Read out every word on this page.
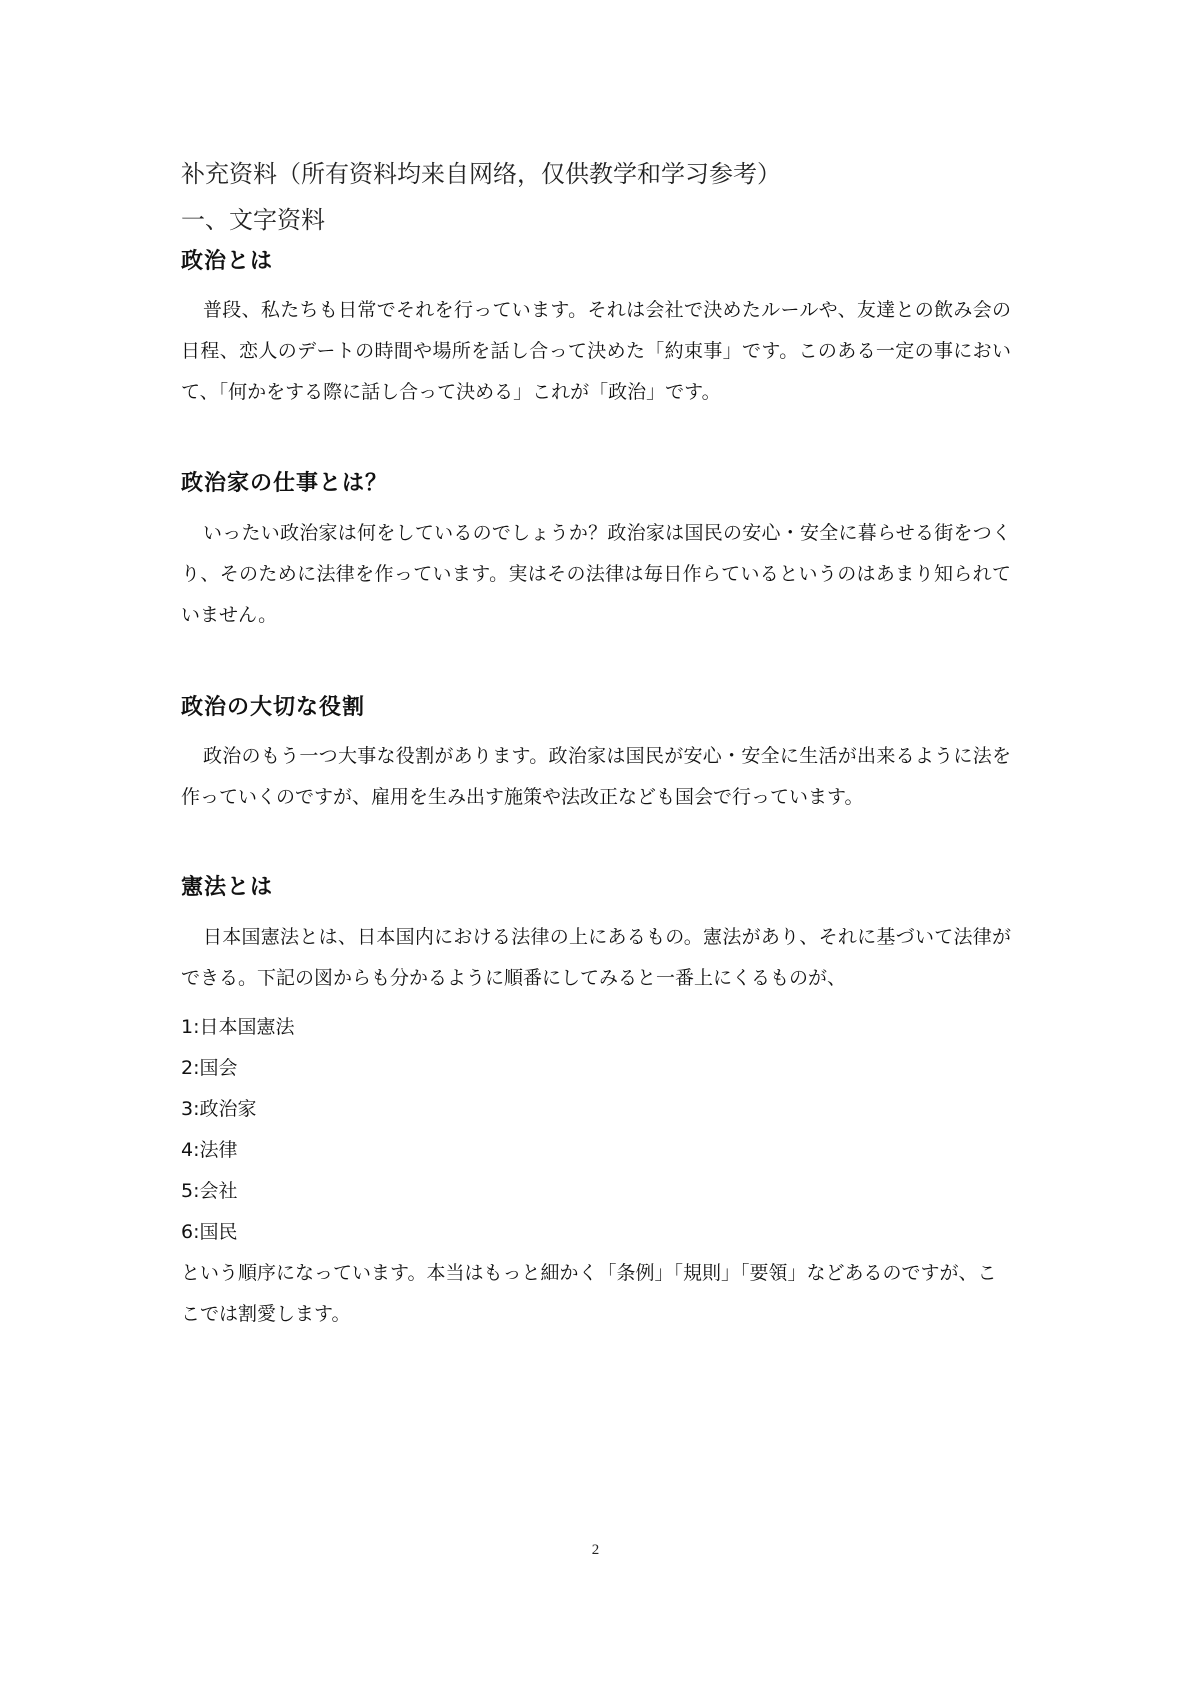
补充资料（所有资料均来自网络，仅供教学和学习参考）
一、文字资料
政治とは
普段、私たちも日常でそれを行っています。それは会社で決めたルールや、友達との飲み会の日程、恋人のデートの時間や場所を話し合って決めた「約束事」です。このある一定の事において、「何かをする際に話し合って決める」これが「政治」です。
政治家の仕事とは？
いったい政治家は何をしているのでしょうか？政治家は国民の安心・安全に暮らせる街をつくり、そのために法律を作っています。実はその法律は毎日作らているというのはあまり知られていません。
政治の大切な役割
政治のもう一つ大事な役割があります。政治家は国民が安心・安全に生活が出来るように法を作っていくのですが、雇用を生み出す施策や法改正なども国会で行っています。
憲法とは
日本国憲法とは、日本国内における法律の上にあるもの。憲法があり、それに基づいて法律ができる。下記の図からも分かるように順番にしてみると一番上にくるものが、
1:日本国憲法
2:国会
3:政治家
4:法律
5:会社
6:国民
という順序になっています。本当はもっと細かく「条例」「規則」「要領」などあるのですが、ここでは割愛します。
2
